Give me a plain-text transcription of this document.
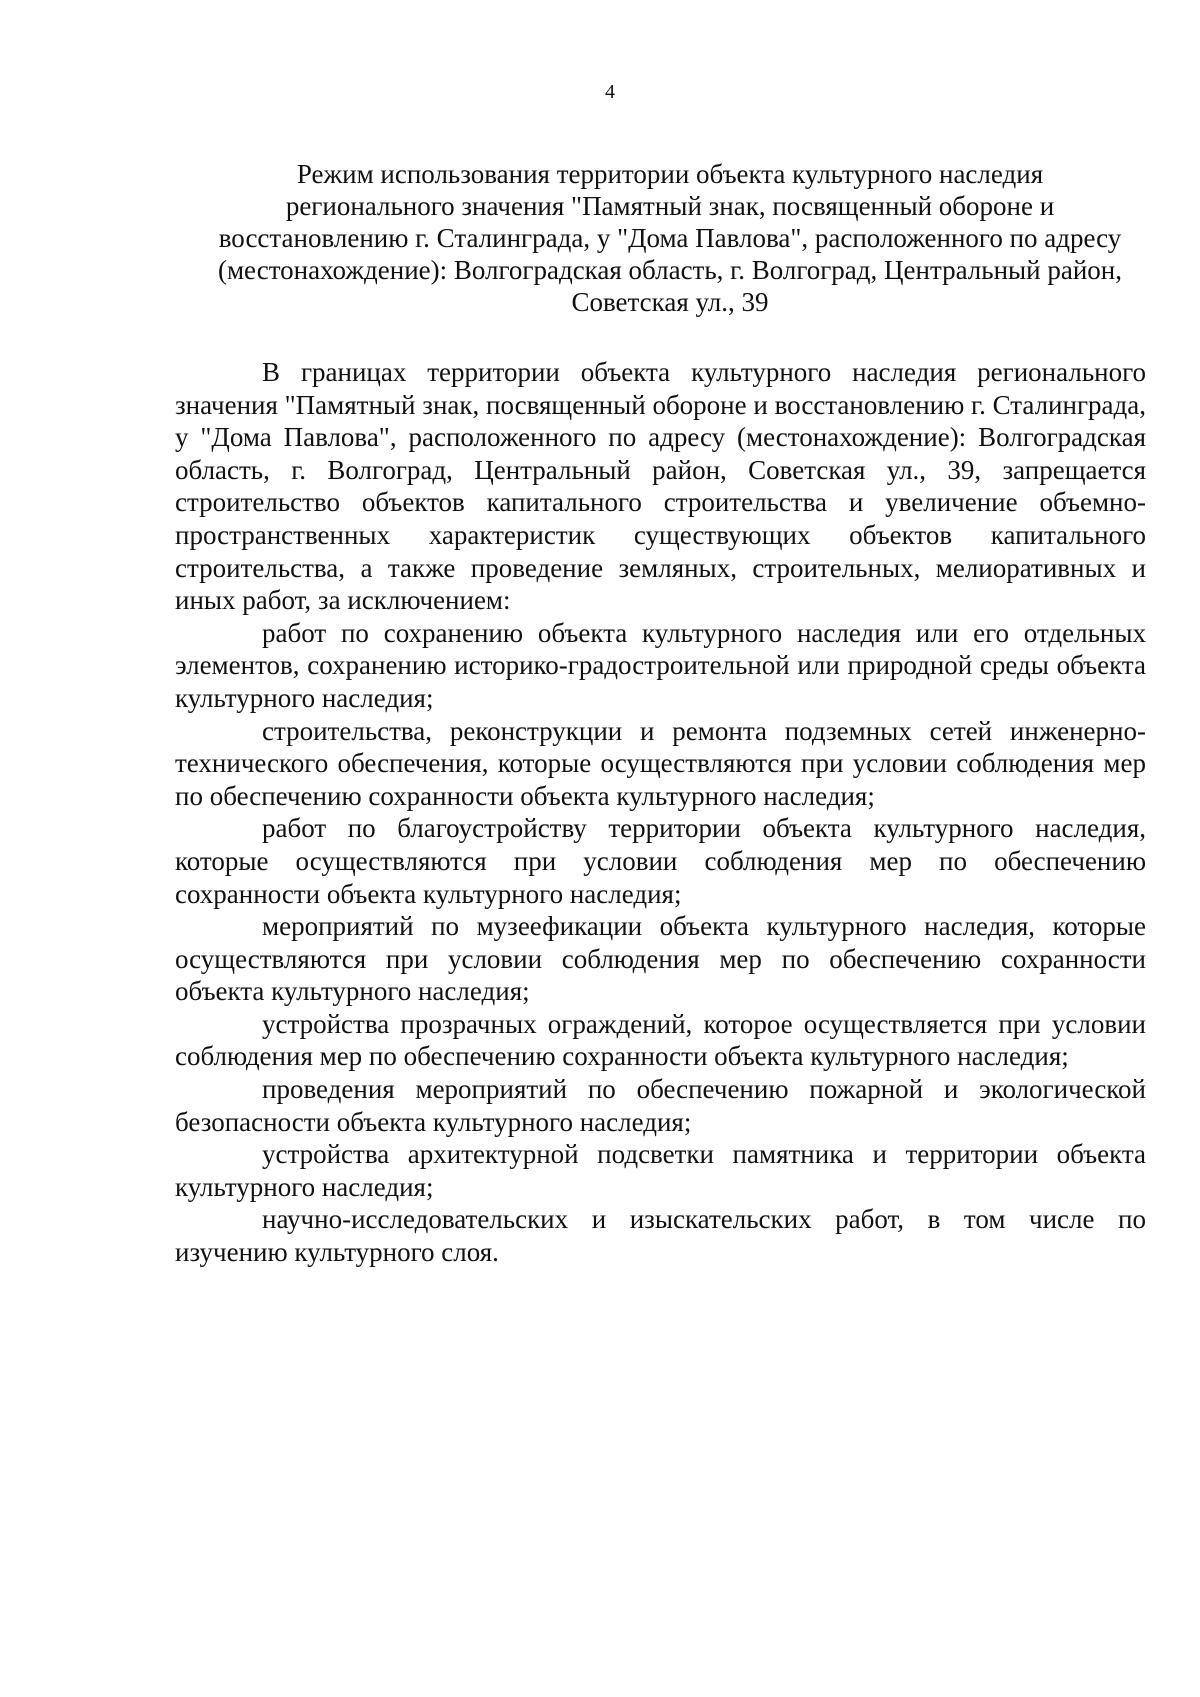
4
Режим использования территории объекта культурного наследия
регионального значения "Памятный знак, посвященный обороне и
восстановлению г. Сталинграда, у "Дома Павлова", расположенного по адресу
(местонахождение): Волгоградская область, г. Волгоград, Центральный район,
Советская ул., 39

В границах территории объекта культурного наследия регионального значения "Памятный знак, посвященный обороне и восстановлению г. Сталинграда, у "Дома Павлова", расположенного по адресу (местонахождение): Волгоградская область, г. Волгоград, Центральный район, Советская ул., 39, запрещается строительство объектов капитального строительства и увеличение объемно-пространственных характеристик существующих объектов капитального строительства, а также проведение земляных, строительных, мелиоративных и иных работ, за исключением:

работ по сохранению объекта культурного наследия или его отдельных элементов, сохранению историко-градостроительной или природной среды объекта культурного наследия;

строительства, реконструкции и ремонта подземных сетей инженерно-технического обеспечения, которые осуществляются при условии соблюдения мер по обеспечению сохранности объекта культурного наследия;

работ по благоустройству территории объекта культурного наследия, которые осуществляются при условии соблюдения мер по обеспечению сохранности объекта культурного наследия;

мероприятий по музеефикации объекта культурного наследия, которые осуществляются при условии соблюдения мер по обеспечению сохранности объекта культурного наследия;

устройства прозрачных ограждений, которое осуществляется при условии соблюдения мер по обеспечению сохранности объекта культурного наследия;

проведения мероприятий по обеспечению пожарной и экологической безопасности объекта культурного наследия;

устройства архитектурной подсветки памятника и территории объекта культурного наследия;

научно-исследовательских и изыскательских работ, в том числе по изучению культурного слоя.
